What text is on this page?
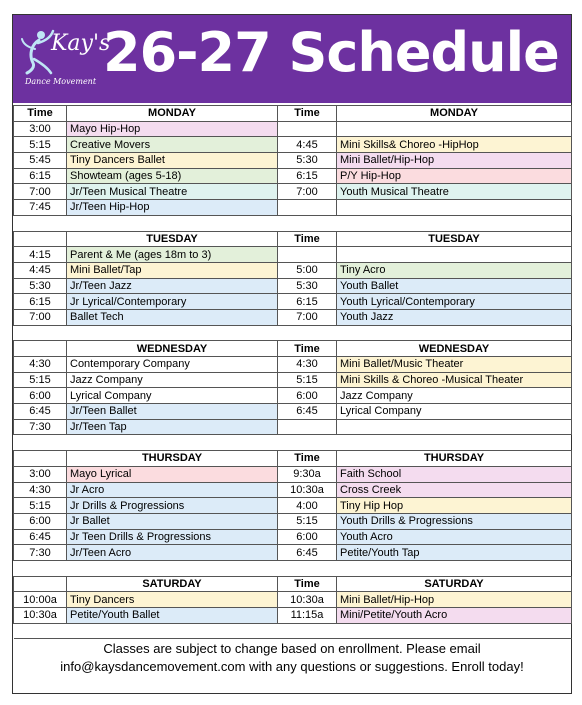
Kay's
Dance Movement 26-27 Schedule
Time	MONDAY	Time	MONDAY
3:00	Mayo Hip-Hop		
5:15	Creative Movers	4:45	Mini Skills& Choreo -HipHop
5:45	Tiny Dancers Ballet	5:30	Mini Ballet/Hip-Hop
6:15	Showteam (ages 5-18)	6:15	P/Y Hip-Hop
7:00	Jr/Teen Musical Theatre	7:00	Youth Musical Theatre
7:45	Jr/Teen Hip-Hop		

	TUESDAY	Time	TUESDAY
4:15	Parent & Me (ages 18m to 3)		
4:45	Mini Ballet/Tap	5:00	Tiny Acro
5:30	Jr/Teen Jazz	5:30	Youth Ballet
6:15	Jr Lyrical/Contemporary	6:15	Youth Lyrical/Contemporary
7:00	Ballet Tech	7:00	Youth Jazz

	WEDNESDAY	Time	WEDNESDAY
4:30	Contemporary Company	4:30	Mini Ballet/Music Theater
5:15	Jazz Company	5:15	Mini Skills & Choreo -Musical Theater
6:00	Lyrical Company	6:00	Jazz Company
6:45	Jr/Teen Ballet	6:45	Lyrical Company
7:30	Jr/Teen Tap		

	THURSDAY	Time	THURSDAY
3:00	Mayo Lyrical	9:30a	Faith School
4:30	Jr Acro	10:30a	Cross Creek
5:15	Jr Drills & Progressions	4:00	Tiny Hip Hop
6:00	Jr Ballet	5:15	Youth Drills & Progressions
6:45	Jr Teen Drills & Progressions	6:00	Youth Acro
7:30	Jr/Teen Acro	6:45	Petite/Youth Tap

	SATURDAY	Time	SATURDAY
10:00a	Tiny Dancers	10:30a	Mini Ballet/Hip-Hop
10:30a	Petite/Youth Ballet	11:15a	Mini/Petite/Youth Acro

Classes are subject to change based on enrollment. Please email
info@kaysdancemovement.com with any questions or suggestions. Enroll today!
